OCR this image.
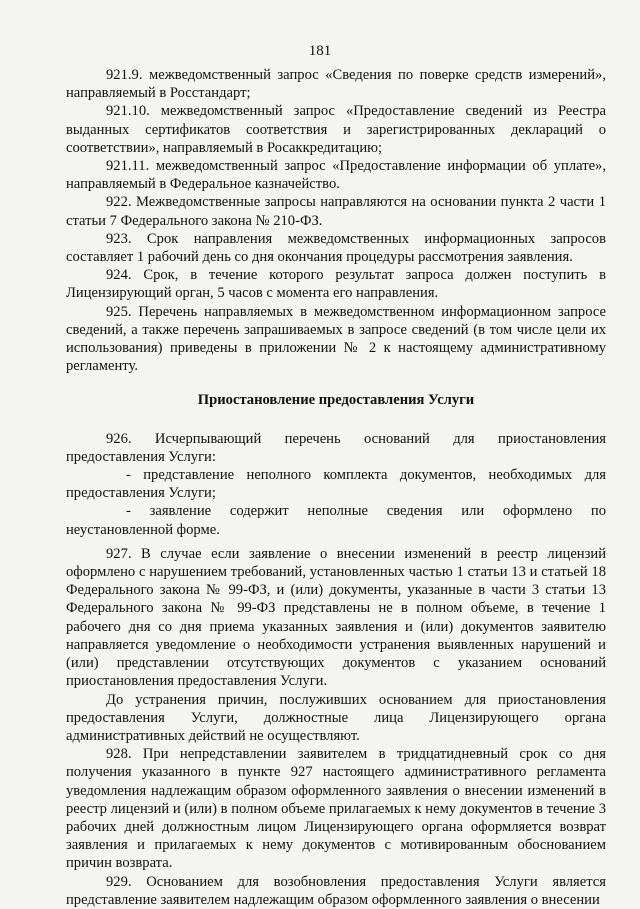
181

921.9. межведомственный запрос «Сведения по поверке средств измерений», направляемый в Росстандарт;

921.10. межведомственный запрос «Предоставление сведений из Реестра выданных сертификатов соответствия и зарегистрированных деклараций о соответствии», направляемый в Росаккредитацию;

921.11. межведомственный запрос «Предоставление информации об уплате», направляемый в Федеральное казначейство.

922. Межведомственные запросы направляются на основании пункта 2 части 1 статьи 7 Федерального закона № 210-ФЗ.

923. Срок направления межведомственных информационных запросов составляет 1 рабочий день со дня окончания процедуры рассмотрения заявления.

924. Срок, в течение которого результат запроса должен поступить в Лицензирующий орган, 5 часов с момента его направления.

925. Перечень направляемых в межведомственном информационном запросе сведений, а также перечень запрашиваемых в запросе сведений (в том числе цели их использования) приведены в приложении № 2 к настоящему административному регламенту.

Приостановление предоставления Услуги

926. Исчерпывающий перечень оснований для приостановления предоставления Услуги:

- представление неполного комплекта документов, необходимых для предоставления Услуги;

- заявление содержит неполные сведения или оформлено по неустановленной форме.

927. В случае если заявление о внесении изменений в реестр лицензий оформлено с нарушением требований, установленных частью 1 статьи 13 и статьей 18 Федерального закона № 99-ФЗ, и (или) документы, указанные в части 3 статьи 13 Федерального закона № 99-ФЗ представлены не в полном объеме, в течение 1 рабочего дня со дня приема указанных заявления и (или) документов заявителю направляется уведомление о необходимости устранения выявленных нарушений и (или) представлении отсутствующих документов с указанием оснований приостановления предоставления Услуги.

До устранения причин, послуживших основанием для приостановления предоставления Услуги, должностные лица Лицензирующего органа административных действий не осуществляют.

928. При непредставлении заявителем в тридцатидневный срок со дня получения указанного в пункте 927 настоящего административного регламента уведомления надлежащим образом оформленного заявления о внесении изменений в реестр лицензий и (или) в полном объеме прилагаемых к нему документов в течение 3 рабочих дней должностным лицом Лицензирующего органа оформляется возврат заявления и прилагаемых к нему документов с мотивированным обоснованием причин возврата.

929. Основанием для возобновления предоставления Услуги является представление заявителем надлежащим образом оформленного заявления о внесении
